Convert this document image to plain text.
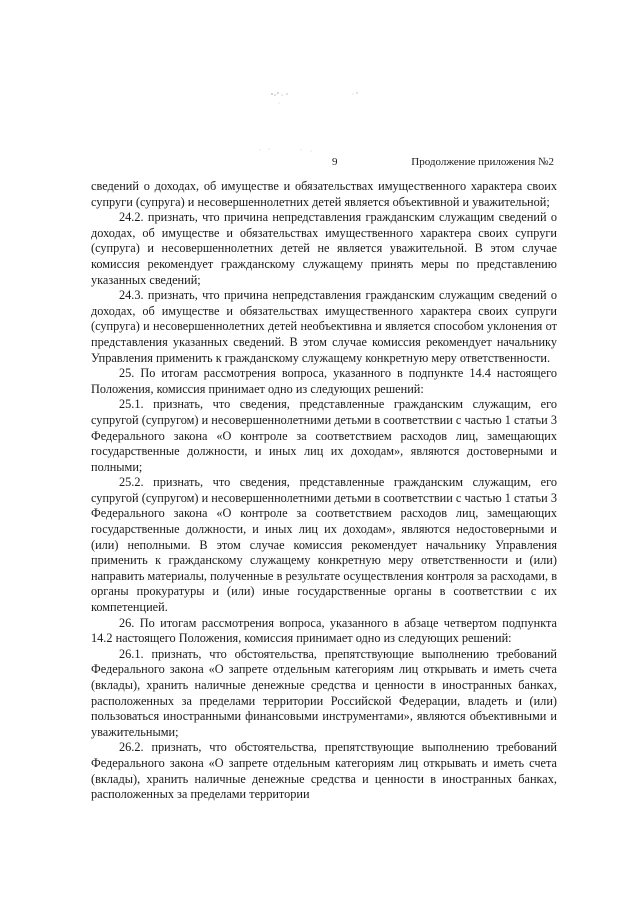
9	Продолжение приложения №2

сведений о доходах, об имуществе и обязательствах имущественного характера своих супруги (супруга) и несовершеннолетних детей является объективной и уважительной;

24.2. признать, что причина непредставления гражданским служащим сведений о доходах, об имуществе и обязательствах имущественного характера своих супруги (супруга) и несовершеннолетних детей не является уважительной. В этом случае комиссия рекомендует гражданскому служащему принять меры по представлению указанных сведений;

24.3. признать, что причина непредставления гражданским служащим сведений о доходах, об имуществе и обязательствах имущественного характера своих супруги (супруга) и несовершеннолетних детей необъективна и является способом уклонения от представления указанных сведений. В этом случае комиссия рекомендует начальнику Управления применить к гражданскому служащему конкретную меру ответственности.

25. По итогам рассмотрения вопроса, указанного в подпункте 14.4 настоящего Положения, комиссия принимает одно из следующих решений:

25.1. признать, что сведения, представленные гражданским служащим, его супругой (супругом) и несовершеннолетними детьми в соответствии с частью 1 статьи 3 Федерального закона «О контроле за соответствием расходов лиц, замещающих государственные должности, и иных лиц их доходам», являются достоверными и полными;

25.2. признать, что сведения, представленные гражданским служащим, его супругой (супругом) и несовершеннолетними детьми в соответствии с частью 1 статьи 3 Федерального закона «О контроле за соответствием расходов лиц, замещающих государственные должности, и иных лиц их доходам», являются недостоверными и (или) неполными. В этом случае комиссия рекомендует начальнику Управления применить к гражданскому служащему конкретную меру ответственности и (или) направить материалы, полученные в результате осуществления контроля за расходами, в органы прокуратуры и (или) иные государственные органы в соответствии с их компетенцией.

26. По итогам рассмотрения вопроса, указанного в абзаце четвертом подпункта 14.2 настоящего Положения, комиссия принимает одно из следующих решений:

26.1. признать, что обстоятельства, препятствующие выполнению требований Федерального закона «О запрете отдельным категориям лиц открывать и иметь счета (вклады), хранить наличные денежные средства и ценности в иностранных банках, расположенных за пределами территории Российской Федерации, владеть и (или) пользоваться иностранными финансовыми инструментами», являются объективными и уважительными;

26.2. признать, что обстоятельства, препятствующие выполнению требований Федерального закона «О запрете отдельным категориям лиц открывать и иметь счета (вклады), хранить наличные денежные средства и ценности в иностранных банках, расположенных за пределами территории
